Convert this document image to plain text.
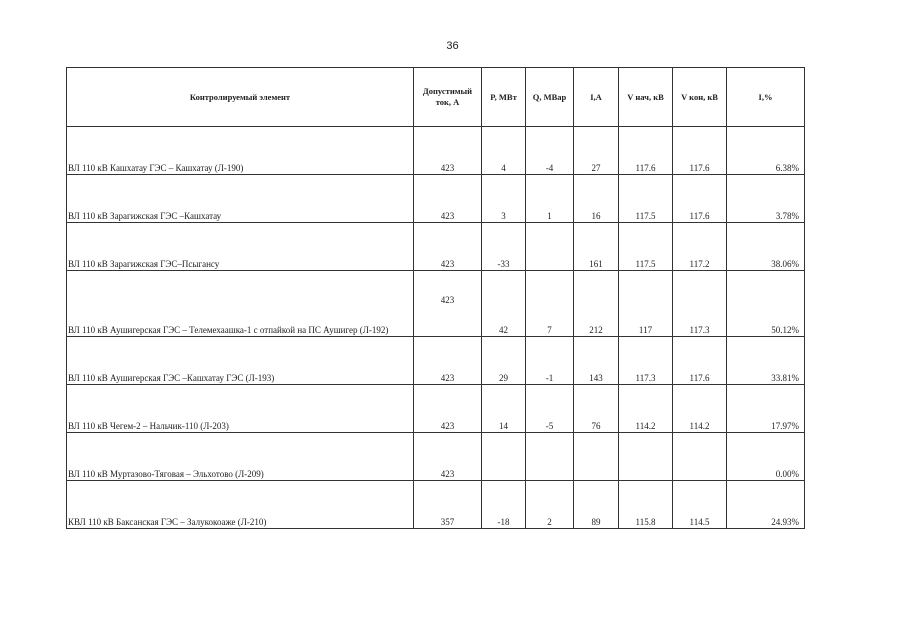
36
Контролируемый элемент	Допустимый ток, А	P, МВт	Q, МВар	I,А	V нач, кВ	V кон, кВ	I,%
ВЛ 110 кВ Кашхатау ГЭС – Кашхатау (Л-190)	423	4	-4	27	117.6	117.6	6.38%
ВЛ 110 кВ Зарагижская ГЭС –Кашхатау	423	3	1	16	117.5	117.6	3.78%
ВЛ 110 кВ Зарагижская ГЭС–Псыгансу	423	-33		161	117.5	117.2	38.06%
ВЛ 110 кВ Аушигерская ГЭС – Телемехаашка-1 с отпайкой на ПС Аушигер (Л-192)	423	42	7	212	117	117.3	50.12%
ВЛ 110 кВ Аушигерская ГЭС –Кашхатау ГЭС (Л-193)	423	29	-1	143	117.3	117.6	33.81%
ВЛ 110 кВ Чегем-2 – Нальчик-110 (Л-203)	423	14	-5	76	114.2	114.2	17.97%
ВЛ 110 кВ Муртазово-Тяговая – Эльхотово (Л-209)	423						0.00%
КВЛ 110 кВ Баксанская ГЭС – Залукокоаже (Л-210)	357	-18	2	89	115.8	114.5	24.93%
